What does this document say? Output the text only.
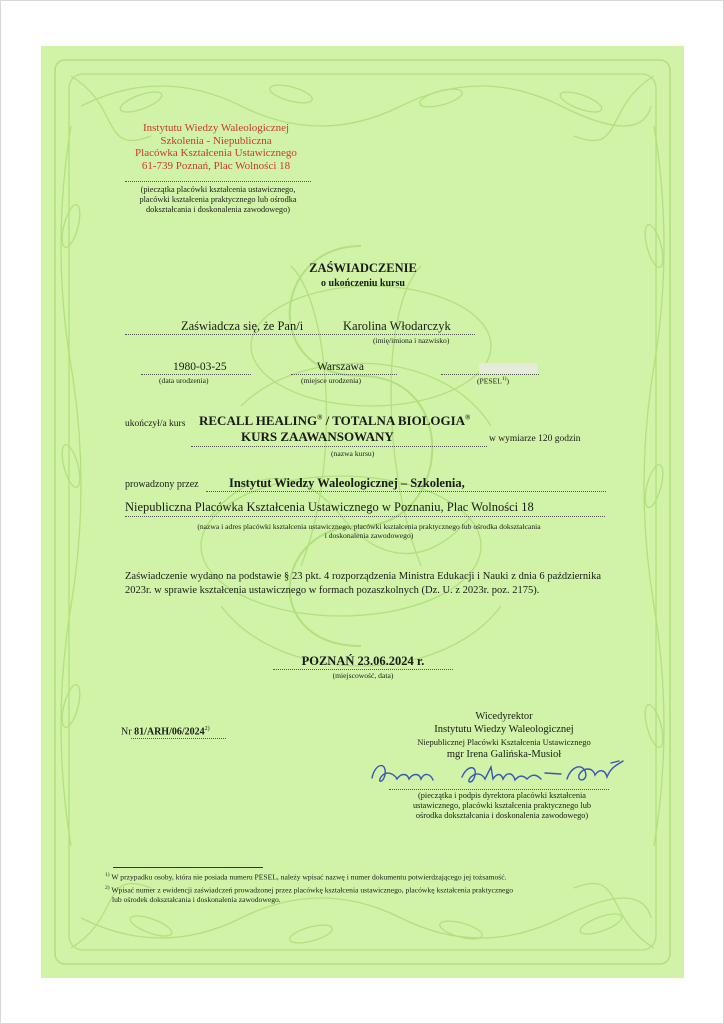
Instytutu Wiedzy Waleologicznej
Szkolenia - Niepubliczna
Placówka Kształcenia Ustawicznego
61-739 Poznań, Plac Wolności 18
(pieczątka placówki kształcenia ustawicznego,
placówki kształcenia praktycznego lub ośrodka
dokształcania i doskonalenia zawodowego)
ZAŚWIADCZENIE
o ukończeniu kursu
Zaświadcza się, że Pan/i	Karolina Włodarczyk
(imię/imiona i nazwisko)
1980-03-25	Warszawa
(data urodzenia)	(miejsce urodzenia)	(PESEL$^{1)}$)
ukończył/a kurs RECALL HEALING® / TOTALNA BIOLOGIA®
KURS ZAAWANSOWANY	w wymiarze 120 godzin
(nazwa kursu)
prowadzony przez Instytut Wiedzy Waleologicznej – Szkolenia,
Niepubliczna Placówka Kształcenia Ustawicznego w Poznaniu, Plac Wolności 18
(nazwa i adres placówki kształcenia ustawicznego, placówki kształcenia praktycznego lub ośrodka dokształcania
i doskonalenia zawodowego)
Zaświadczenie wydano na podstawie § 23 pkt. 4 rozporządzenia Ministra Edukacji i Nauki z dnia 6 października 2023r. w sprawie kształcenia ustawicznego w formach pozaszkolnych (Dz. U. z 2023r. poz. 2175).
POZNAŃ 23.06.2024 r.
(miejscowość, data)
Nr 81/ARH/06/2024$^{2)}$
Wicedyrektor
Instytutu Wiedzy Waleologicznej
Niepublicznej Placówki Kształcenia Ustawicznego
mgr Irena Galińska-Musioł
(pieczątka i podpis dyrektora placówki kształcenia
ustawicznego, placówki kształcenia praktycznego lub
ośrodka dokształcania i doskonalenia zawodowego)
$^{1)}$ W przypadku osoby, która nie posiada numeru PESEL, należy wpisać nazwę i numer dokumentu potwierdzającego jej tożsamość.
$^{2)}$ Wpisać numer z ewidencji zaświadczeń prowadzonej przez placówkę kształcenia ustawicznego, placówkę kształcenia praktycznego
lub ośrodek dokształcania i doskonalenia zawodowego.
